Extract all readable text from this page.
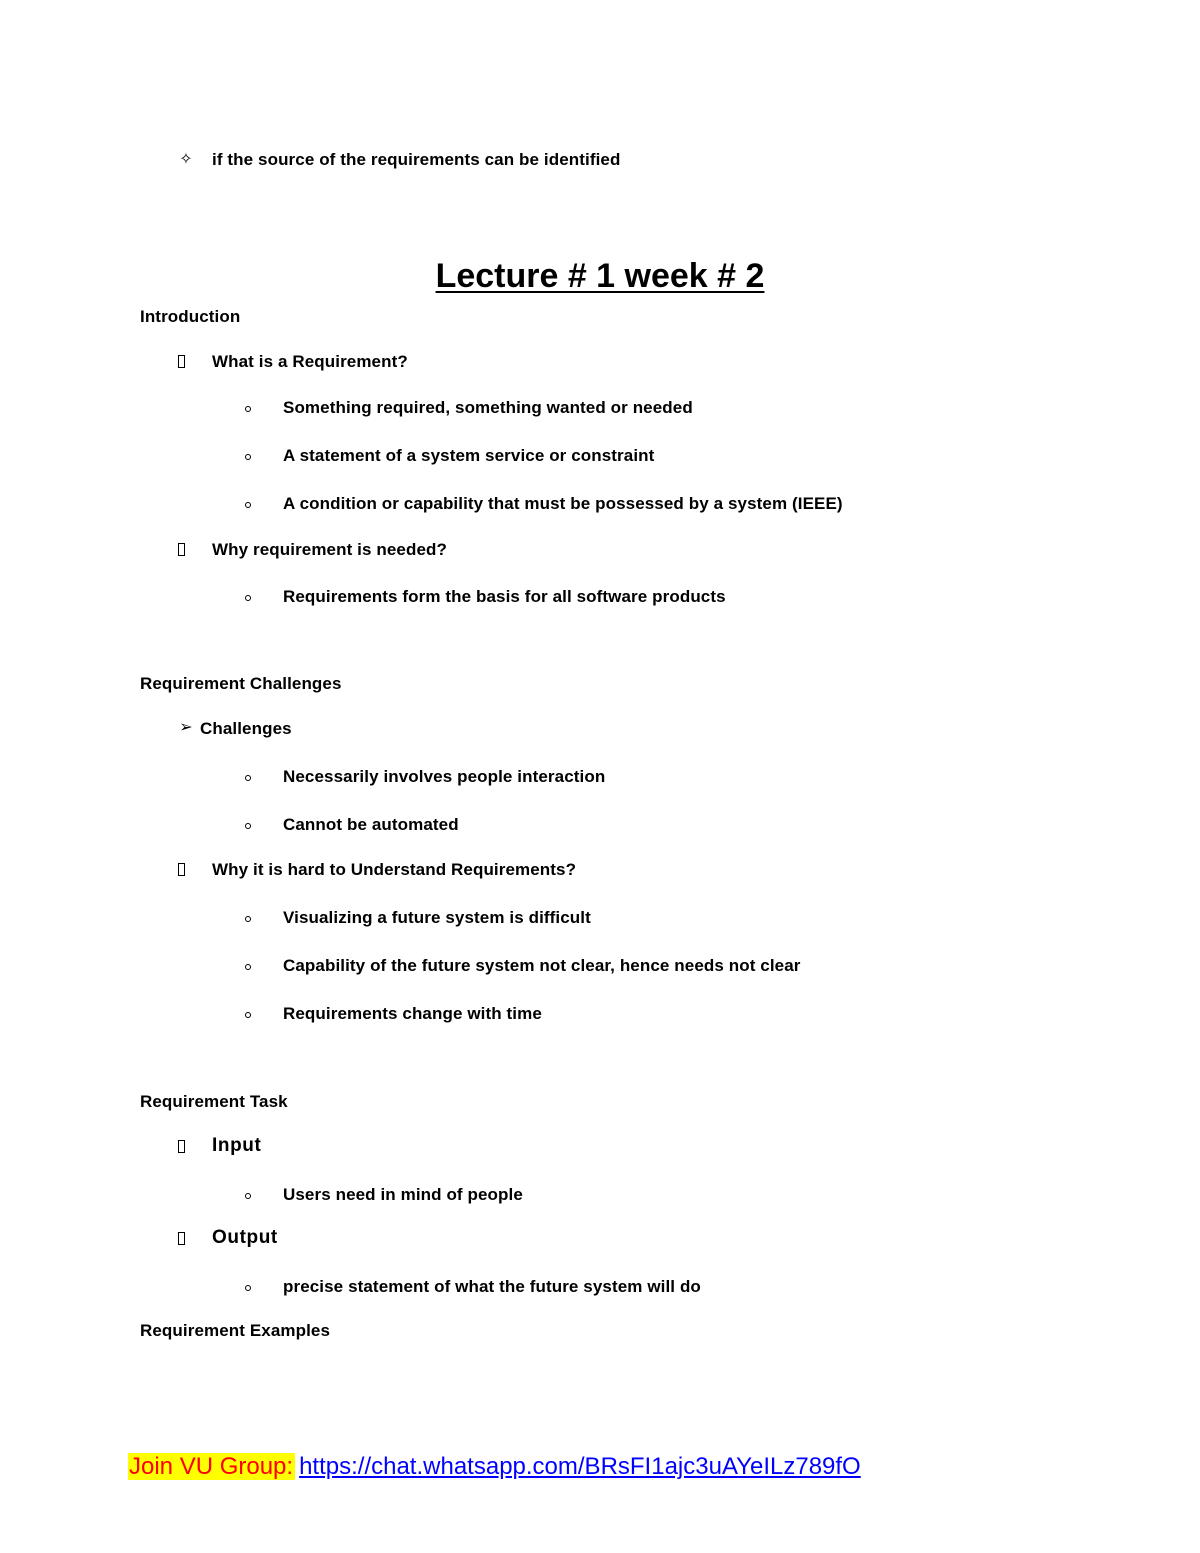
✧ if the source of the requirements can be identified
Lecture # 1 week # 2
Introduction
What is a Requirement?
Something required, something wanted or needed
A statement of a system service or constraint
A condition or capability that must be possessed by a system (IEEE)
Why requirement is needed?
Requirements form the basis for all software products
Requirement Challenges
➢ Challenges
Necessarily involves people interaction
Cannot be automated
Why it is hard to Understand Requirements?
Visualizing a future system is difficult
Capability of the future system not clear, hence needs not clear
Requirements change with time
Requirement Task
Input
Users need in mind of people
Output
precise statement of what the future system will do
Requirement Examples
Join VU Group: https://chat.whatsapp.com/BRsFI1ajc3uAYeILz789fO
